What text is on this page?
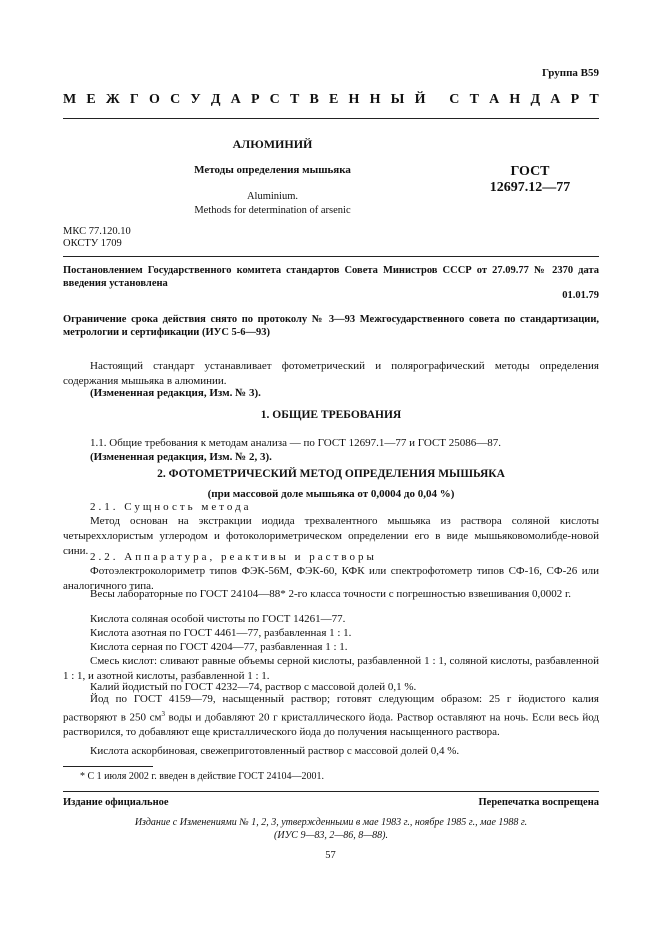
Группа В59
М Е Ж Г О С У Д А Р С Т В Е Н Н Ы Й
С Т А Н Д А Р Т
АЛЮМИНИЙ
Методы определения мышьяка
Aluminium.
Methods for determination of arsenic
ГОСТ
12697.12—77
МКС 77.120.10
ОКСТУ 1709
Постановлением Государственного комитета стандартов Совета Министров СССР от 27.09.77 № 2370 дата введения установлена
01.01.79
Ограничение срока действия снято по протоколу № 3—93 Межгосударственного совета по стандартизации, метрологии и сертификации (ИУС 5-6—93)
Настоящий стандарт устанавливает фотометрический и полярографический методы определения содержания мышьяка в алюминии.
(Измененная редакция, Изм. № 3).
1. ОБЩИЕ ТРЕБОВАНИЯ
1.1. Общие требования к методам анализа — по ГОСТ 12697.1—77 и ГОСТ 25086—87.
(Измененная редакция, Изм. № 2, 3).
2. ФОТОМЕТРИЧЕСКИЙ МЕТОД ОПРЕДЕЛЕНИЯ МЫШЬЯКА
(при массовой доле мышьяка от 0,0004 до 0,04 %)
2.1. Сущность метода
Метод основан на экстракции иодида трехвалентного мышьяка из раствора соляной кислоты четыреххлористым углеродом и фотоколориметрическом определении его в виде мышьяковомолибде-новой сини.
2.2. Аппаратура, реактивы и растворы
Фотоэлектроколориметр типов ФЭК-56М, ФЭК-60, КФК или спектрофотометр типов СФ-16, СФ-26 или аналогичного типа.
Весы лабораторные по ГОСТ 24104—88* 2-го класса точности с погрешностью взвешивания 0,0002 г.
Кислота соляная особой чистоты по ГОСТ 14261—77.
Кислота азотная по ГОСТ 4461—77, разбавленная 1 : 1.
Кислота серная по ГОСТ 4204—77, разбавленная 1 : 1.
Смесь кислот: сливают равные объемы серной кислоты, разбавленной 1 : 1, соляной кислоты, разбавленной 1 : 1, и азотной кислоты, разбавленной 1 : 1.
Калий йодистый по ГОСТ 4232—74, раствор с массовой долей 0,1 %.
Йод по ГОСТ 4159—79, насыщенный раствор; готовят следующим образом: 25 г йодистого калия растворяют в 250 $см^3$ воды и добавляют 20 г кристаллического йода. Раствор оставляют на ночь. Если весь йод растворился, то добавляют еще кристаллического йода до получения насыщенного раствора.
Кислота аскорбиновая, свежеприготовленный раствор с массовой долей 0,4 %.
* С 1 июля 2002 г. введен в действие ГОСТ 24104—2001.
Издание официальное	Перепечатка воспрещена
Издание с Изменениями № 1, 2, 3, утвержденными в мае 1983 г., ноябре 1985 г., мае 1988 г.
(ИУС 9—83, 2—86, 8—88).
57
